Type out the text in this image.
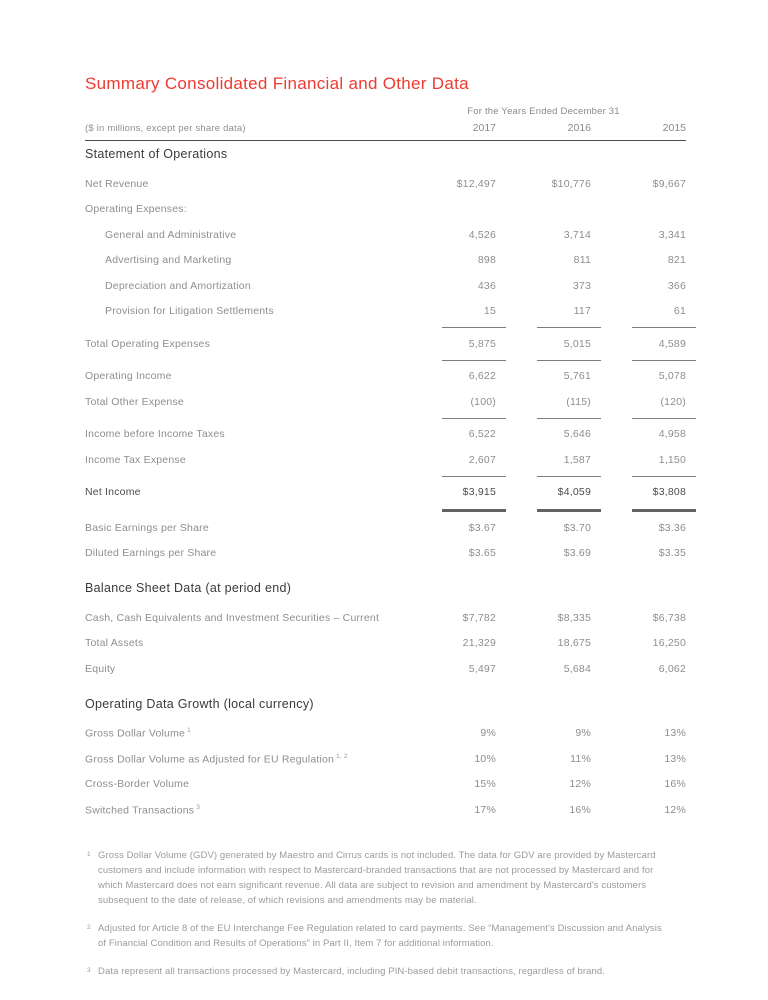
Summary Consolidated Financial and Other Data
For the Years Ended December 31
($ in millions, except per share data)	2017	2016	2015
Statement of Operations
Net Revenue	$12,497	$10,776	$9,667
Operating Expenses:
General and Administrative	4,526	3,714	3,341
Advertising and Marketing	898	811	821
Depreciation and Amortization	436	373	366
Provision for Litigation Settlements	15	117	61
Total Operating Expenses	5,875	5,015	4,589
Operating Income	6,622	5,761	5,078
Total Other Expense	(100)	(115)	(120)
Income before Income Taxes	6,522	5,646	4,958
Income Tax Expense	2,607	1,587	1,150
Net Income	$3,915	$4,059	$3,808
Basic Earnings per Share	$3.67	$3.70	$3.36
Diluted Earnings per Share	$3.65	$3.69	$3.35
Balance Sheet Data (at period end)
Cash, Cash Equivalents and Investment Securities – Current	$7,782	$8,335	$6,738
Total Assets	21,329	18,675	16,250
Equity	5,497	5,684	6,062
Operating Data Growth (local currency)
Gross Dollar Volume $^1$	9%	9%	13%
Gross Dollar Volume as Adjusted for EU Regulation $^{1, 2}$	10%	11%	13%
Cross-Border Volume	15%	12%	16%
Switched Transactions $^3$	17%	16%	12%
1 Gross Dollar Volume (GDV) generated by Maestro and Cirrus cards is not included. The data for GDV are provided by Mastercard customers and include information with respect to Mastercard-branded transactions that are not processed by Mastercard and for which Mastercard does not earn significant revenue. All data are subject to revision and amendment by Mastercard's customers subsequent to the date of release, of which revisions and amendments may be material.
2 Adjusted for Article 8 of the EU Interchange Fee Regulation related to card payments. See “Management’s Discussion and Analysis of Financial Condition and Results of Operations” in Part II, Item 7 for additional information.
3 Data represent all transactions processed by Mastercard, including PIN-based debit transactions, regardless of brand.
